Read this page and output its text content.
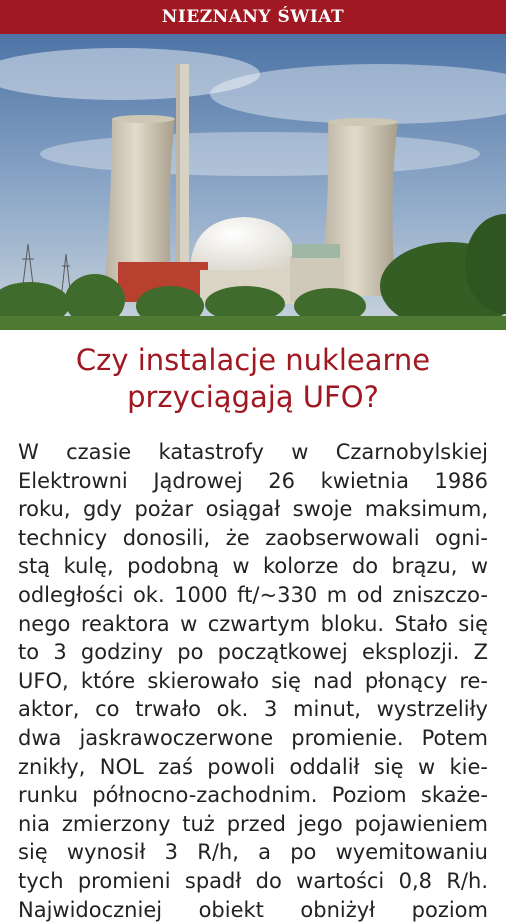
NIEZNANY ŚWIAT
Czy instalacje nuklearne
przyciągają UFO?
W czasie katastrofy w Czarnobylskiej
Elektrowni Jądrowej 26 kwietnia 1986
roku, gdy pożar osiągał swoje maksimum,
technicy donosili, że zaobserwowali ogni-
stą kulę, podobną w kolorze do brązu, w
odległości ok. 1000 ft/~330 m od zniszczo-
nego reaktora w czwartym bloku. Stało się
to 3 godziny po początkowej eksplozji. Z
UFO, które skierowało się nad płonący re-
aktor, co trwało ok. 3 minut, wystrzeliły
dwa jaskrawoczerwone promienie. Potem
znikły, NOL zaś powoli oddalił się w kie-
runku północno-zachodnim. Poziom skaże-
nia zmierzony tuż przed jego pojawieniem
się wynosił 3 R/h, a po wyemitowaniu
tych promieni spadł do wartości 0,8 R/h.
Najwidoczniej obiekt obniżył poziom
